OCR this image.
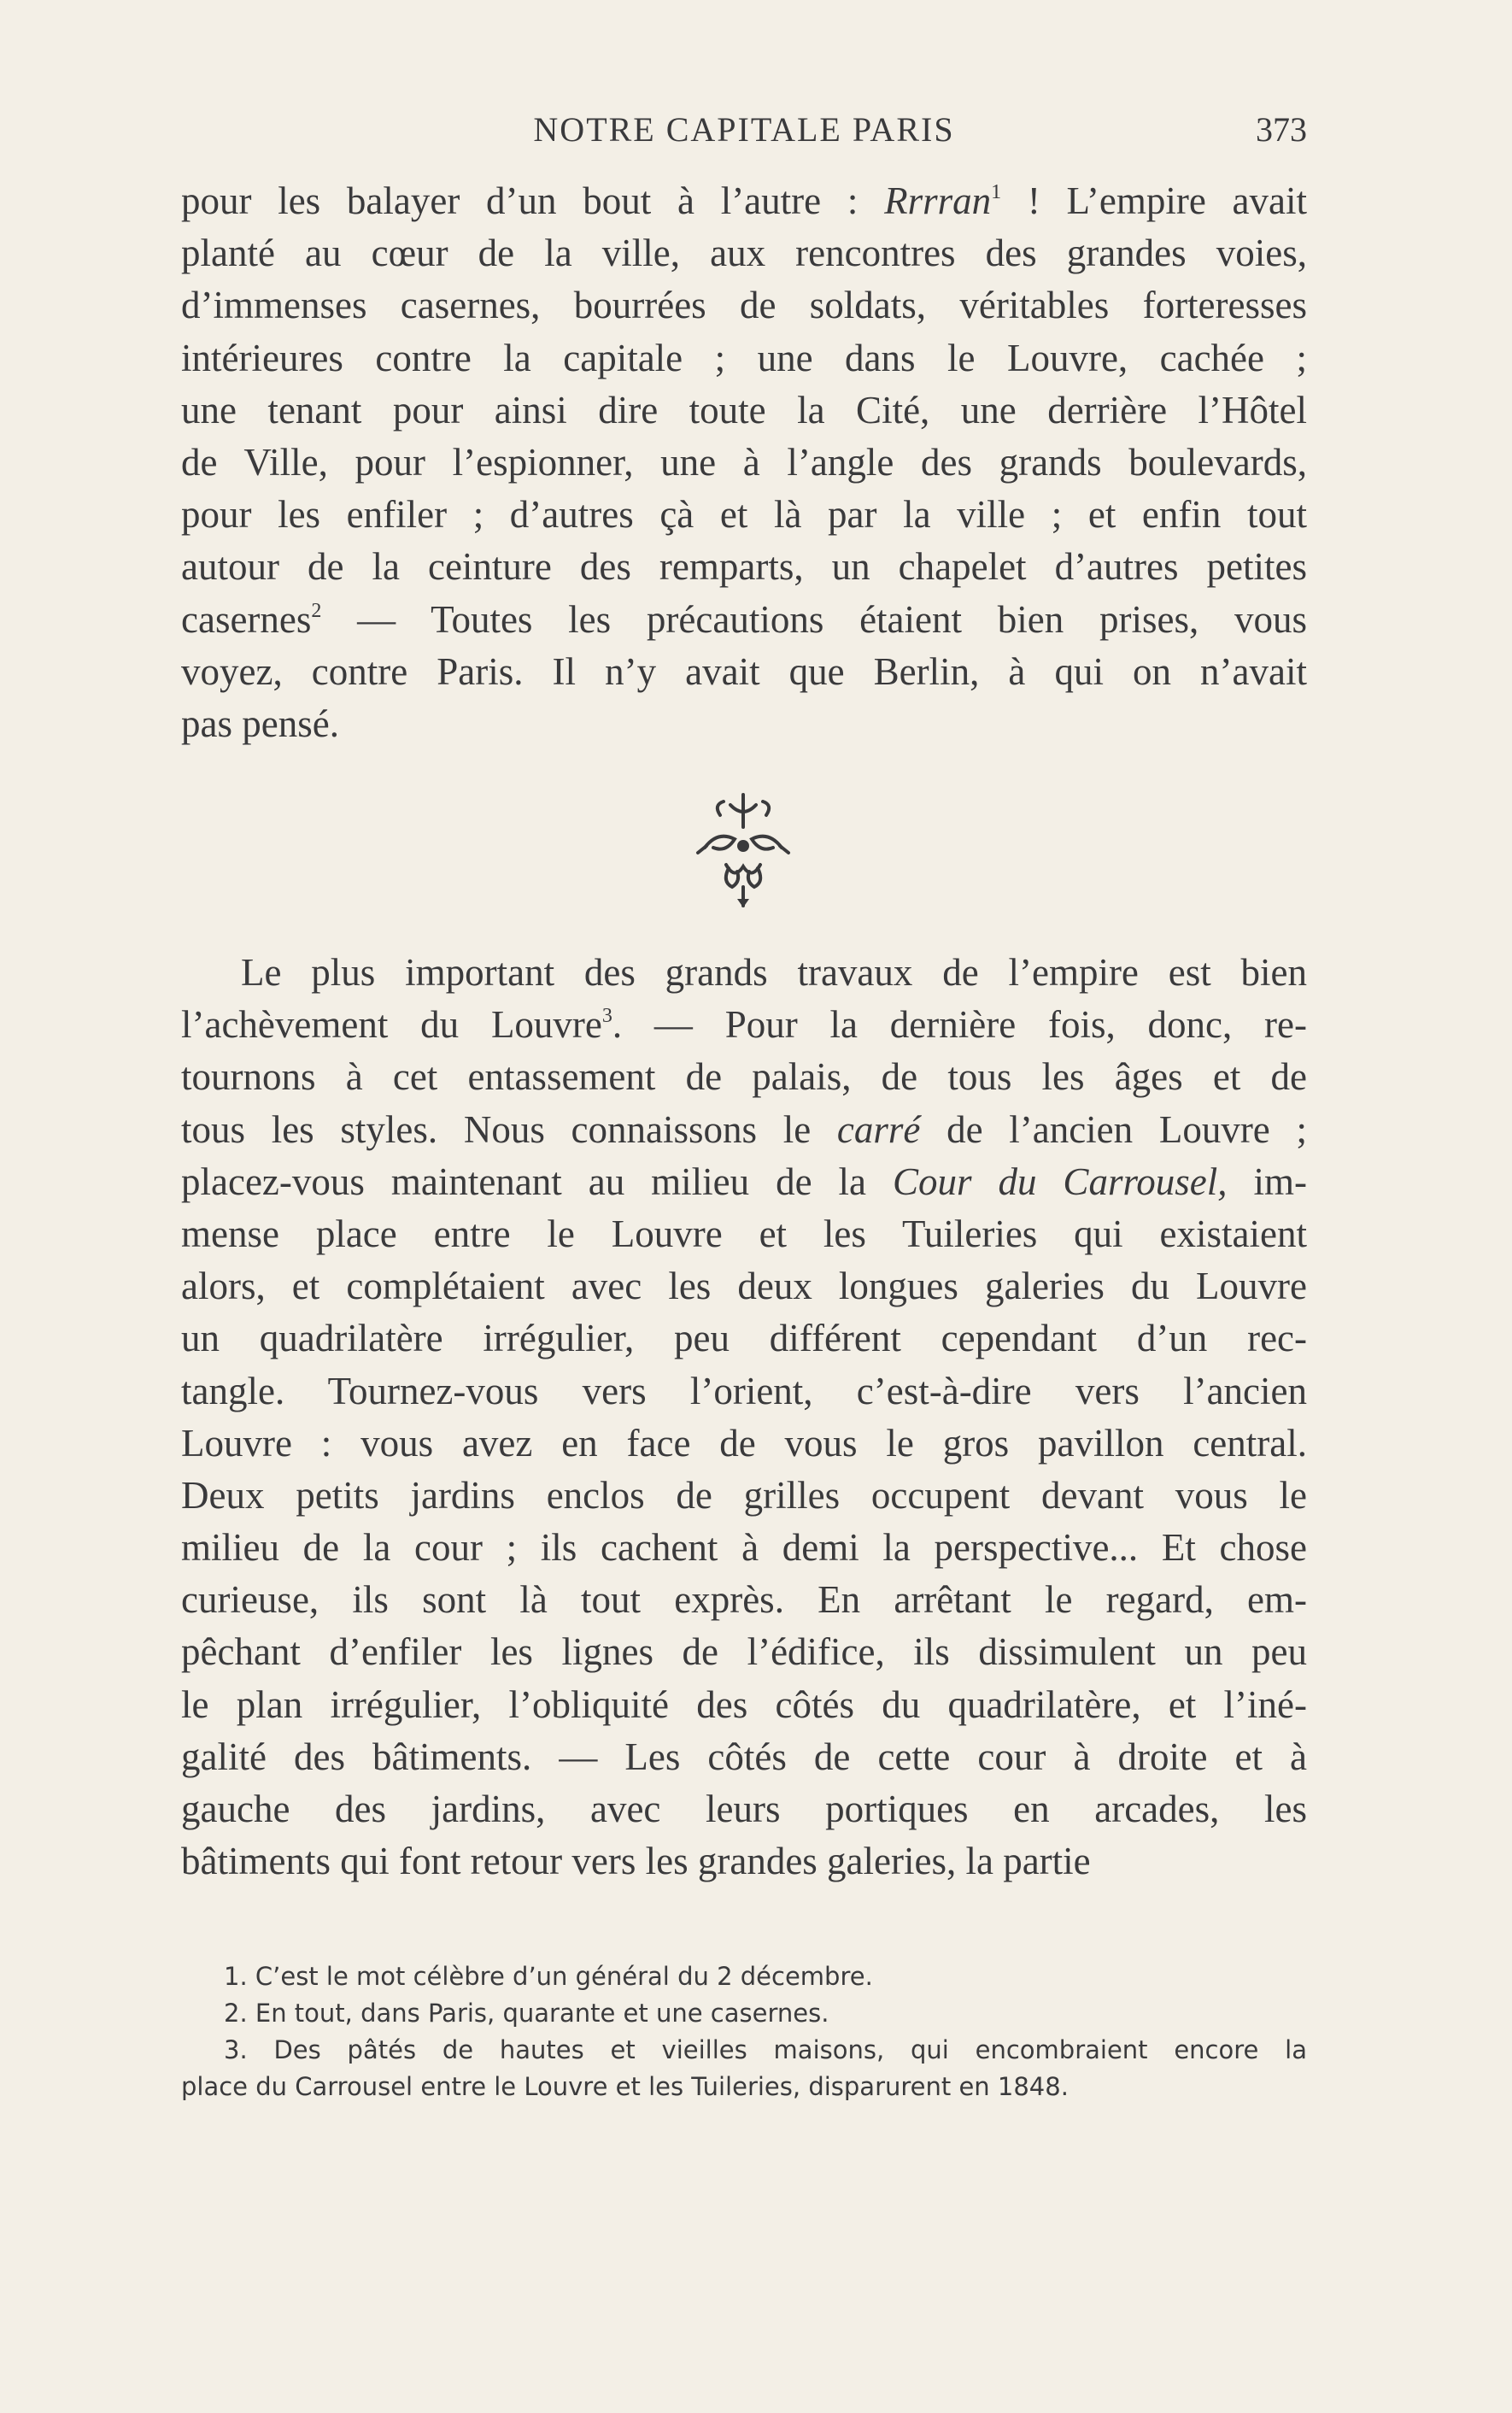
NOTRE CAPITALE PARIS	373
pour les balayer d’un bout à l’autre : Rrrran$^1$ ! L’empire avait
planté au cœur de la ville, aux rencontres des grandes voies,
d’immenses casernes, bourrées de soldats, véritables forteresses
intérieures contre la capitale ; une dans le Louvre, cachée ;
une tenant pour ainsi dire toute la Cité, une derrière l’Hôtel
de Ville, pour l’espionner, une à l’angle des grands boulevards,
pour les enfiler ; d’autres çà et là par la ville ; et enfin tout
autour de la ceinture des remparts, un chapelet d’autres petites
casernes$^2$ — Toutes les précautions étaient bien prises, vous
voyez, contre Paris. Il n’y avait que Berlin, à qui on n’avait
pas pensé.
Le plus important des grands travaux de l’empire est bien
l’achèvement du Louvre$^3$. — Pour la dernière fois, donc, re-
tournons à cet entassement de palais, de tous les âges et de
tous les styles. Nous connaissons le carré de l’ancien Louvre ;
placez-vous maintenant au milieu de la Cour du Carrousel, im-
mense place entre le Louvre et les Tuileries qui existaient
alors, et complétaient avec les deux longues galeries du Louvre
un quadrilatère irrégulier, peu différent cependant d’un rec-
tangle. Tournez-vous vers l’orient, c’est-à-dire vers l’ancien
Louvre : vous avez en face de vous le gros pavillon central.
Deux petits jardins enclos de grilles occupent devant vous le
milieu de la cour ; ils cachent à demi la perspective... Et chose
curieuse, ils sont là tout exprès. En arrêtant le regard, em-
pêchant d’enfiler les lignes de l’édifice, ils dissimulent un peu
le plan irrégulier, l’obliquité des côtés du quadrilatère, et l’iné-
galité des bâtiments. — Les côtés de cette cour à droite et à
gauche des jardins, avec leurs portiques en arcades, les
bâtiments qui font retour vers les grandes galeries, la partie
1. C’est le mot célèbre d’un général du 2 décembre.
2. En tout, dans Paris, quarante et une casernes.
3. Des pâtés de hautes et vieilles maisons, qui encombraient encore la
place du Carrousel entre le Louvre et les Tuileries, disparurent en 1848.
